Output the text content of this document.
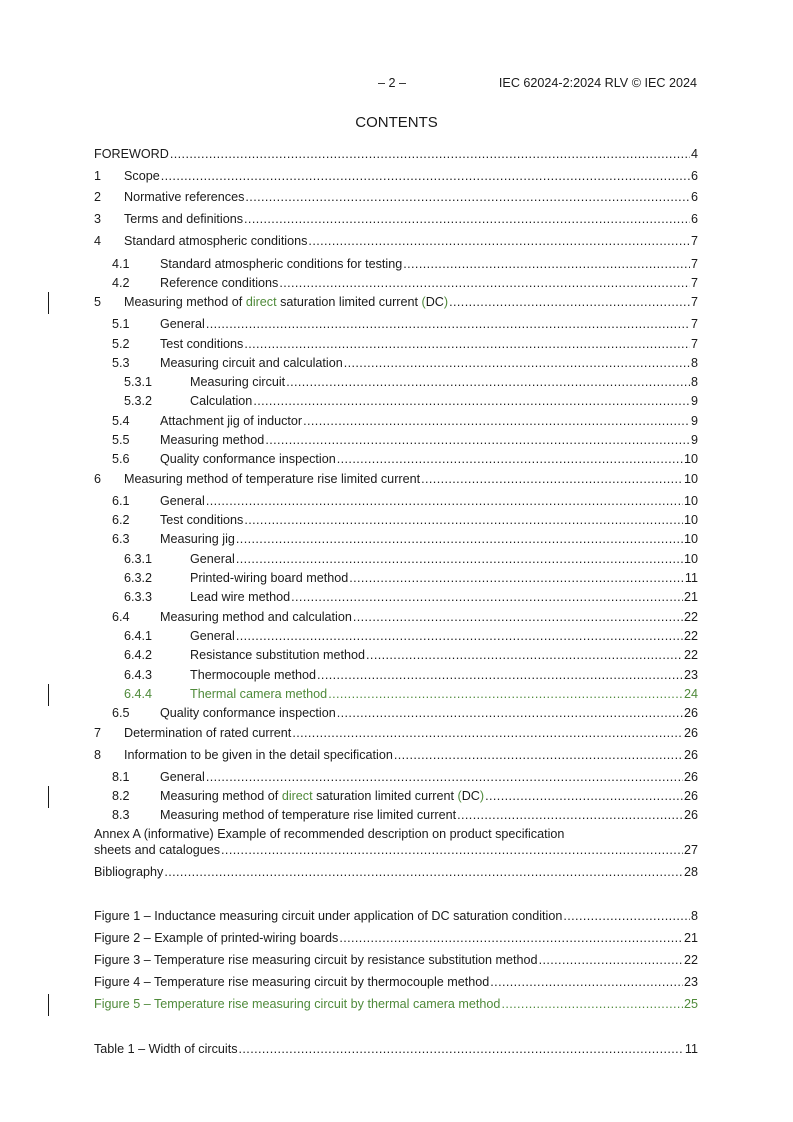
– 2 –	IEC 62024-2:2024 RLV © IEC 2024
CONTENTS
FOREWORD .....	4
1	Scope .....	6
2	Normative references .....	6
3	Terms and definitions .....	6
4	Standard atmospheric conditions .....	7
4.1	Standard atmospheric conditions for testing .....	7
4.2	Reference conditions .....	7
5	Measuring method of direct saturation limited current (DC) .....	7
5.1	General .....	7
5.2	Test conditions .....	7
5.3	Measuring circuit and calculation .....	8
5.3.1	Measuring circuit .....	8
5.3.2	Calculation .....	9
5.4	Attachment jig of inductor .....	9
5.5	Measuring method .....	9
5.6	Quality conformance inspection .....	10
6	Measuring method of temperature rise limited current .....	10
6.1	General .....	10
6.2	Test conditions .....	10
6.3	Measuring jig .....	10
6.3.1	General .....	10
6.3.2	Printed-wiring board method .....	11
6.3.3	Lead wire method .....	21
6.4	Measuring method and calculation .....	22
6.4.1	General .....	22
6.4.2	Resistance substitution method .....	22
6.4.3	Thermocouple method .....	23
6.4.4	Thermal camera method .....	24
6.5	Quality conformance inspection .....	26
7	Determination of rated current .....	26
8	Information to be given in the detail specification .....	26
8.1	General .....	26
8.2	Measuring method of direct saturation limited current (DC) .....	26
8.3	Measuring method of temperature rise limited current .....	26
Annex A (informative) Example of recommended description on product specification
sheets and catalogues .....	27
Bibliography .....	28
Figure 1 – Inductance measuring circuit under application of DC saturation condition .....	8
Figure 2 – Example of printed-wiring boards .....	21
Figure 3 – Temperature rise measuring circuit by resistance substitution method .....	22
Figure 4 – Temperature rise measuring circuit by thermocouple method .....	23
Figure 5 – Temperature rise measuring circuit by thermal camera method .....	25
Table 1 – Width of circuits .....	11
